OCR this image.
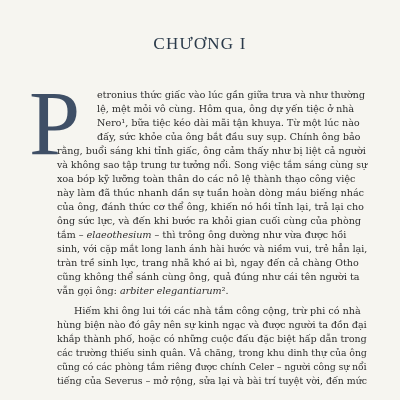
CHƯƠNG I
P etronius thức giấc vào lúc gần giữa trưa và như thường
lệ, mệt mỏi vô cùng. Hôm qua, ông dự yến tiệc ở nhà
Nero¹, bữa tiệc kéo dài mãi tận khuya. Từ một lúc nào
đấy, sức khỏe của ông bắt đầu suy sụp. Chính ông bảo
rằng, buổi sáng khi tỉnh giấc, ông cảm thấy như bị liệt cả người
và không sao tập trung tư tưởng nổi. Song việc tắm sáng cùng sự
xoa bóp kỹ lưỡng toàn thân do các nô lệ thành thạo công việc
này làm đã thúc nhanh dần sự tuần hoàn dòng máu biếng nhác
của ông, đánh thức cơ thể ông, khiến nó hồi tỉnh lại, trả lại cho
ông sức lực, và đến khi bước ra khỏi gian cuối cùng của phòng
tắm – elaeothesium – thì trông ông dường như vừa được hồi
sinh, với cặp mắt long lanh ánh hài hước và niềm vui, trẻ hẳn lại,
tràn trề sinh lực, trang nhã khó ai bì, ngay đến cả chàng Otho
cũng không thể sánh cùng ông, quả đúng như cái tên người ta
vẫn gọi ông: arbiter elegantiarum².
Hiếm khi ông lui tới các nhà tắm công cộng, trừ phi có nhà
hùng biện nào đó gây nên sự kinh ngạc và được người ta đồn đại
khắp thành phố, hoặc có những cuộc đấu đặc biệt hấp dẫn trong
các trường thiếu sinh quân. Vả chăng, trong khu dinh thự của ông
cũng có các phòng tắm riêng được chính Celer – người công sự nổi
tiếng của Severus – mở rộng, sửa lại và bài trí tuyệt vời, đến mức
